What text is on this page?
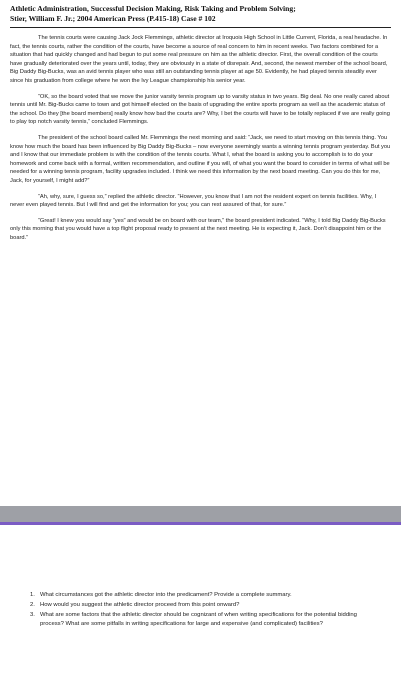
Athletic Administration, Successful Decision Making, Risk Taking and Problem Solving;
Stier, William F. Jr.; 2004 American Press (P.415-18) Case # 102

The tennis courts were causing Jack Jock Flemmings, athletic director at Iroquois High School in Little Current, Florida, a real headache. In fact, the tennis courts, rather the condition of the courts, have become a source of real concern to him in recent weeks. Two factors combined for a situation that had quickly changed and had begun to put some real pressure on him as the athletic director. First, the overall condition of the courts have gradually deteriorated over the years until, today, they are obviously in a state of disrepair. And, second, the newest member of the school board, Big Daddy Big-Bucks, was an avid tennis player who was still an outstanding tennis player at age 50. Evidently, he had played tennis steadily ever since his graduation from college where he won the Ivy League championship his senior year.

“OK, so the board voted that we move the junior varsity tennis program up to varsity status in two years. Big deal. No one really cared about tennis until Mr. Big-Bucks came to town and got himself elected on the basis of upgrading the entire sports program as well as the academic status of the school. Do they [the board members] really know how bad the courts are? Why, I bet the courts will have to be totally replaced if we are really going to play top notch varsity tennis,” concluded Flemmings.

The president of the school board called Mr. Flemmings the next morning and said: “Jack, we need to start moving on this tennis thing. You know how much the board has been influenced by Big Daddy Big-Bucks – now everyone seemingly wants a winning tennis program yesterday. But you and I know that our immediate problem is with the condition of the tennis courts. What I, what the board is asking you to accomplish is to do your homework and come back with a formal, written recommendation, and outline if you will, of what you want the board to consider in terms of what will be needed for a winning tennis program, facility upgrades included. I think we need this information by the next board meeting. Can you do this for me, Jack, for yourself, I might add?”

“Ah, why, sure, I guess so,” replied the athletic director. “However, you know that I am not the resident expert on tennis facilities. Why, I never even played tennis. But I will find and get the information for you; you can rest assured of that, for sure.”

“Great! I knew you would say “yes” and would be on board with our team,” the board president indicated. “Why, I told Big Daddy Big-Bucks only this morning that you would have a top flight proposal ready to present at the next meeting. He is expecting it, Jack. Don’t disappoint him or the board.”

1. What circumstances got the athletic director into the predicament? Provide a complete summary.
2. How would you suggest the athletic director proceed from this point onward?
3. What are some factors that the athletic director should be cognizant of when writing specifications for the potential bidding process? What are some pitfalls in writing specifications for large and expensive (and complicated) facilities?
